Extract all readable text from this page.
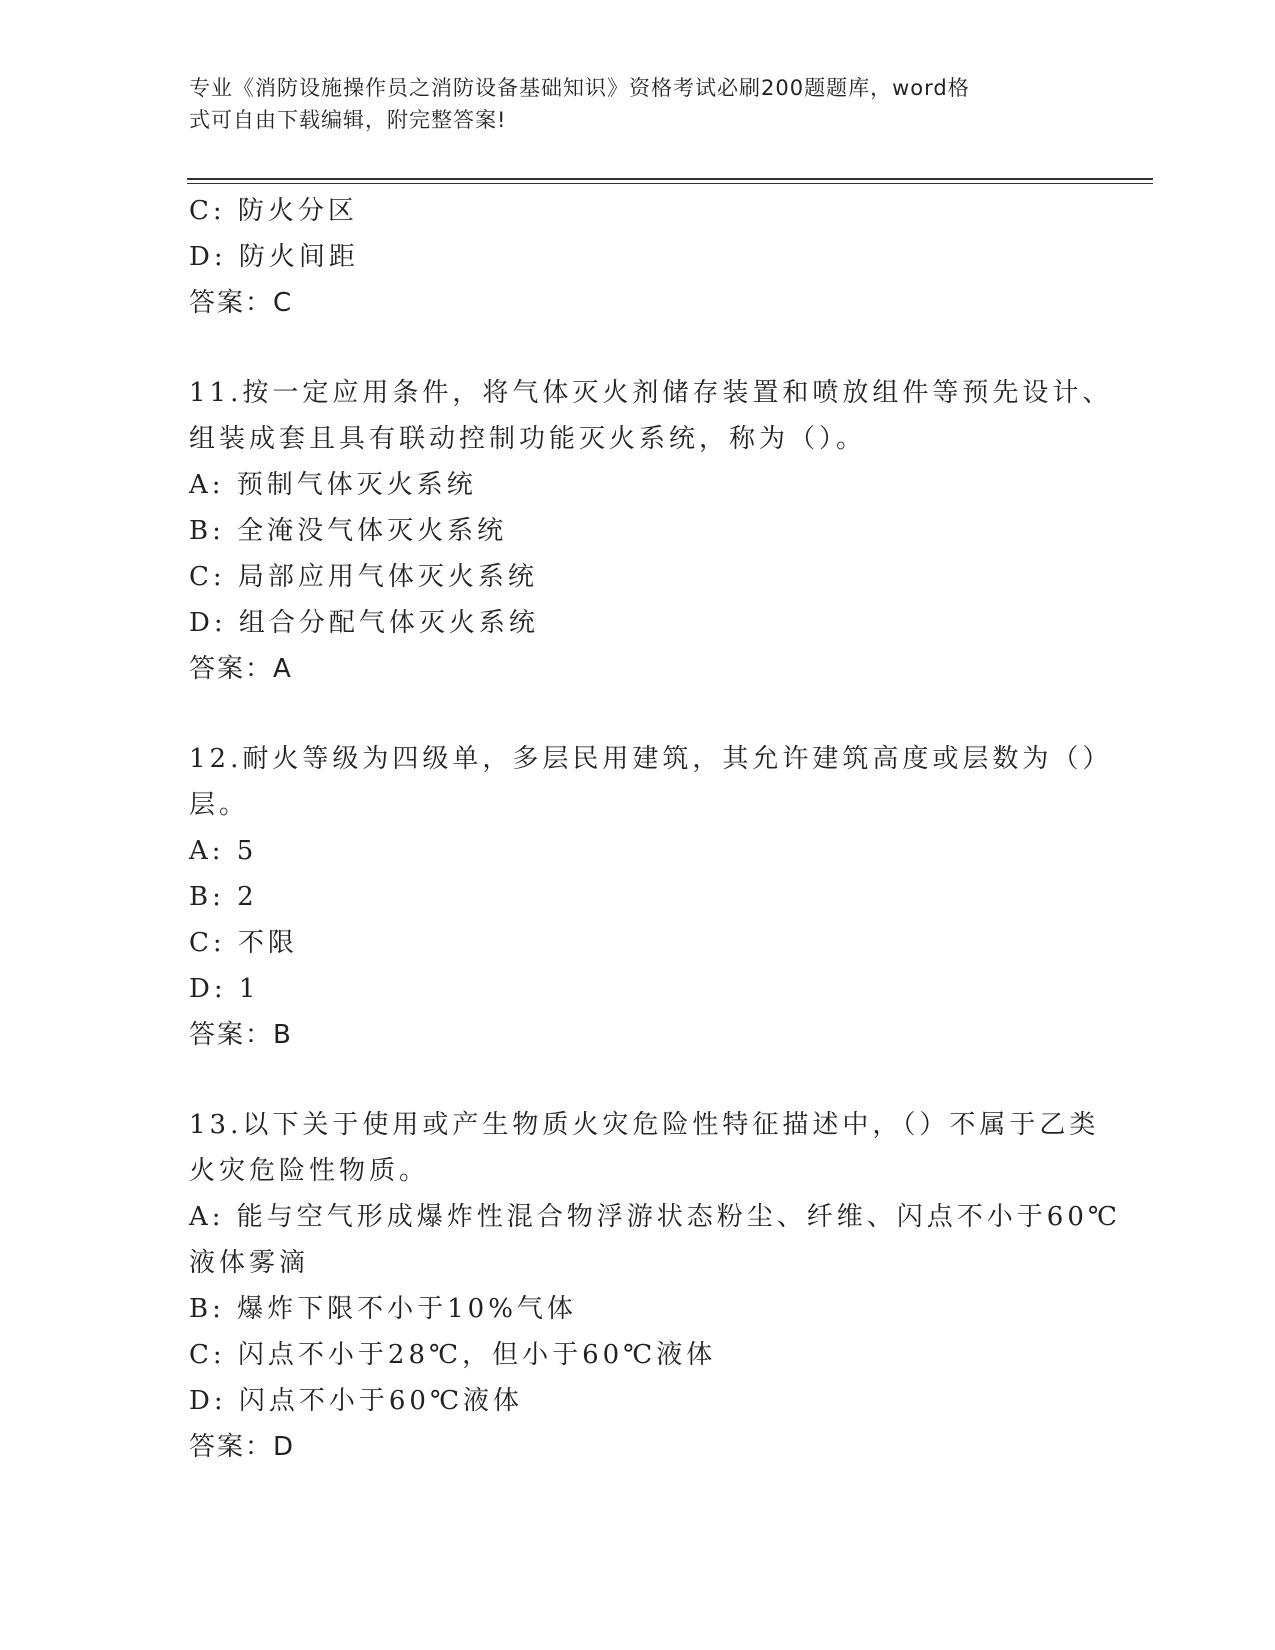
专业《消防设施操作员之消防设备基础知识》资格考试必刷200题题库，word格
式可自由下载编辑，附完整答案!
C: 防火分区
D: 防火间距
答案：C
11.按一定应用条件，将气体灭火剂储存装置和喷放组件等预先设计、
组装成套且具有联动控制功能灭火系统，称为（）。
A: 预制气体灭火系统
B: 全淹没气体灭火系统
C: 局部应用气体灭火系统
D: 组合分配气体灭火系统
答案：A
12.耐火等级为四级单，多层民用建筑，其允许建筑高度或层数为（）
层。
A: 5
B: 2
C: 不限
D: 1
答案：B
13.以下关于使用或产生物质火灾危险性特征描述中，（）不属于乙类
火灾危险性物质。
A: 能与空气形成爆炸性混合物浮游状态粉尘、纤维、闪点不小于60℃
液体雾滴
B: 爆炸下限不小于10%气体
C: 闪点不小于28℃，但小于60℃液体
D: 闪点不小于60℃液体
答案：D
